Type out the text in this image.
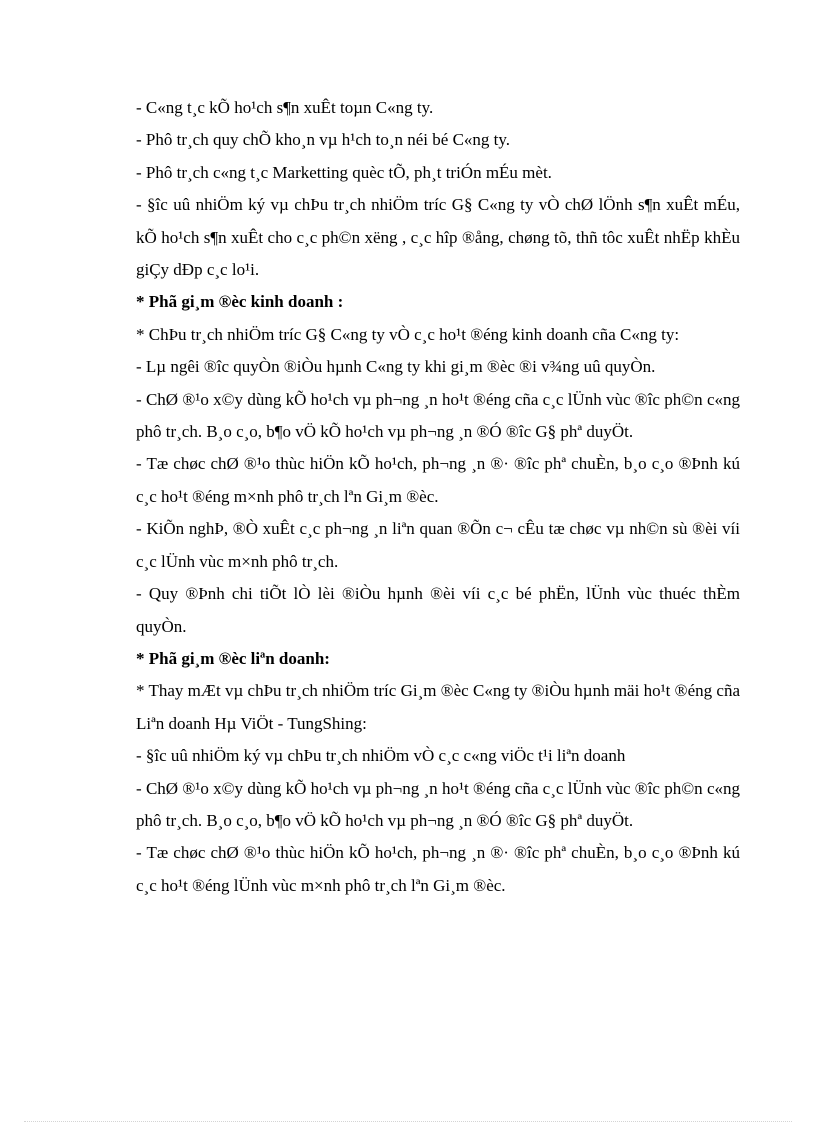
- C«ng t¸c kÕ ho¹ch s¶n xuÊt toµn C«ng ty.

- Phô tr¸ch quy chÕ kho¸n vµ h¹ch to¸n néi bé C«ng ty.

- Phô tr¸ch c«ng t¸c Marketting quèc tÕ, ph¸t triÓn mÉu mèt.

- §îc uû nhiÖm ký vµ chÞu tr¸ch nhiÖm tríc G§ C«ng ty vÒ chØ lÖnh s¶n xuÊt mÉu, kÕ ho¹ch s¶n xuÊt cho c¸c ph©n xëng , c¸c hîp ®ång, chøng tõ, thñ tôc xuÊt nhËp khÈu giÇy dÐp c¸c lo¹i.

* Phã gi¸m ®èc kinh doanh :

* ChÞu tr¸ch nhiÖm tríc G§ C«ng ty vÒ c¸c ho¹t ®éng kinh doanh cña C«ng ty:

- Lµ ngêi ®îc quyÒn ®iÒu hµnh C«ng ty khi gi¸m ®èc ®i v¾ng uû quyÒn.

- ChØ ®¹o x©y dùng kÕ ho¹ch vµ ph¬ng ¸n ho¹t ®éng cña c¸c lÜnh vùc ®îc ph©n c«ng phô tr¸ch. B¸o c¸o, b¶o vÖ kÕ ho¹ch vµ ph¬ng ¸n ®Ó ®îc G§ phª duyÖt.

- Tæ chøc chØ ®¹o thùc hiÖn kÕ ho¹ch, ph¬ng ¸n ®· ®îc phª chuÈn, b¸o c¸o ®Þnh kú c¸c ho¹t ®éng m×nh phô tr¸ch lªn Gi¸m ®èc.

- KiÕn nghÞ, ®Ò xuÊt c¸c ph¬ng ¸n liªn quan ®Õn c¬ cÊu tæ chøc vµ nh©n sù ®èi víi c¸c lÜnh vùc m×nh phô tr¸ch.

- Quy ®Þnh chi tiÕt lÒ lèi ®iÒu hµnh ®èi víi c¸c bé phËn, lÜnh vùc thuéc thÈm quyÒn.

* Phã gi¸m ®èc liªn doanh:

* Thay mÆt vµ chÞu tr¸ch nhiÖm tríc Gi¸m ®èc C«ng ty ®iÒu hµnh mäi ho¹t ®éng cña Liªn doanh Hµ ViÖt - TungShing:

- §îc uû nhiÖm ký vµ chÞu tr¸ch nhiÖm vÒ c¸c c«ng viÖc t¹i liªn doanh

- ChØ ®¹o x©y dùng kÕ ho¹ch vµ ph¬ng ¸n ho¹t ®éng cña c¸c lÜnh vùc ®îc ph©n c«ng phô tr¸ch. B¸o c¸o, b¶o vÖ kÕ ho¹ch vµ ph¬ng ¸n ®Ó ®îc G§ phª duyÖt.

- Tæ chøc chØ ®¹o thùc hiÖn kÕ ho¹ch, ph¬ng ¸n ®· ®îc phª chuÈn, b¸o c¸o ®Þnh kú c¸c ho¹t ®éng lÜnh vùc m×nh phô tr¸ch lªn Gi¸m ®èc.
